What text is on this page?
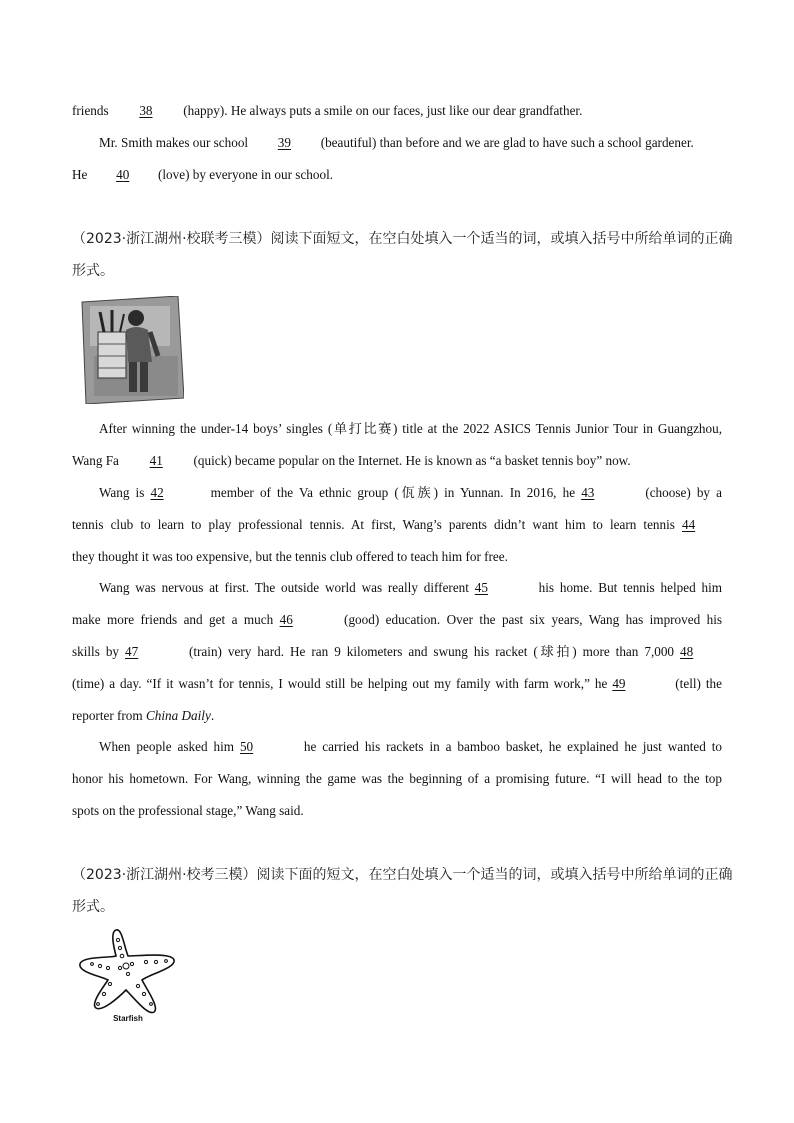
friends 38 (happy). He always puts a smile on our faces, just like our dear grandfather.
Mr. Smith makes our school 39 (beautiful) than before and we are glad to have such a school gardener.
He 40 (love) by everyone in our school.
（2023·浙江湖州·校联考三模）阅读下面短文，在空白处填入一个适当的词，或填入括号中所给单词的正确
形式。
After winning the under-14 boys’ singles (单打比赛) title at the 2022 ASICS Tennis Junior Tour in Guangzhou,
Wang Fa 41 (quick) became popular on the Internet. He is known as “a basket tennis boy” now.
Wang is 42	member of the Va ethnic group (佤族) in Yunnan. In 2016, he 43	(choose) by a
tennis club to learn to play professional tennis. At first, Wang’s parents didn’t want him to learn tennis 44
they thought it was too expensive, but the tennis club offered to teach him for free.
Wang was nervous at first. The outside world was really different 45	his home. But tennis helped him
make more friends and get a much 46	(good) education. Over the past six years, Wang has improved his
skills by 47	(train) very hard. He ran 9 kilometers and swung his racket (球拍) more than 7,000 48
(time) a day. “If it wasn’t for tennis, I would still be helping out my family with farm work,” he 49	(tell) the
reporter from China Daily.
When people asked him 50	he carried his rackets in a bamboo basket, he explained he just wanted to
honor his hometown. For Wang, winning the game was the beginning of a promising future. “I will head to the top
spots on the professional stage,” Wang said.
（2023·浙江湖州·校考三模）阅读下面的短文，在空白处填入一个适当的词，或填入括号中所给单词的正确
形式。
Starfish
